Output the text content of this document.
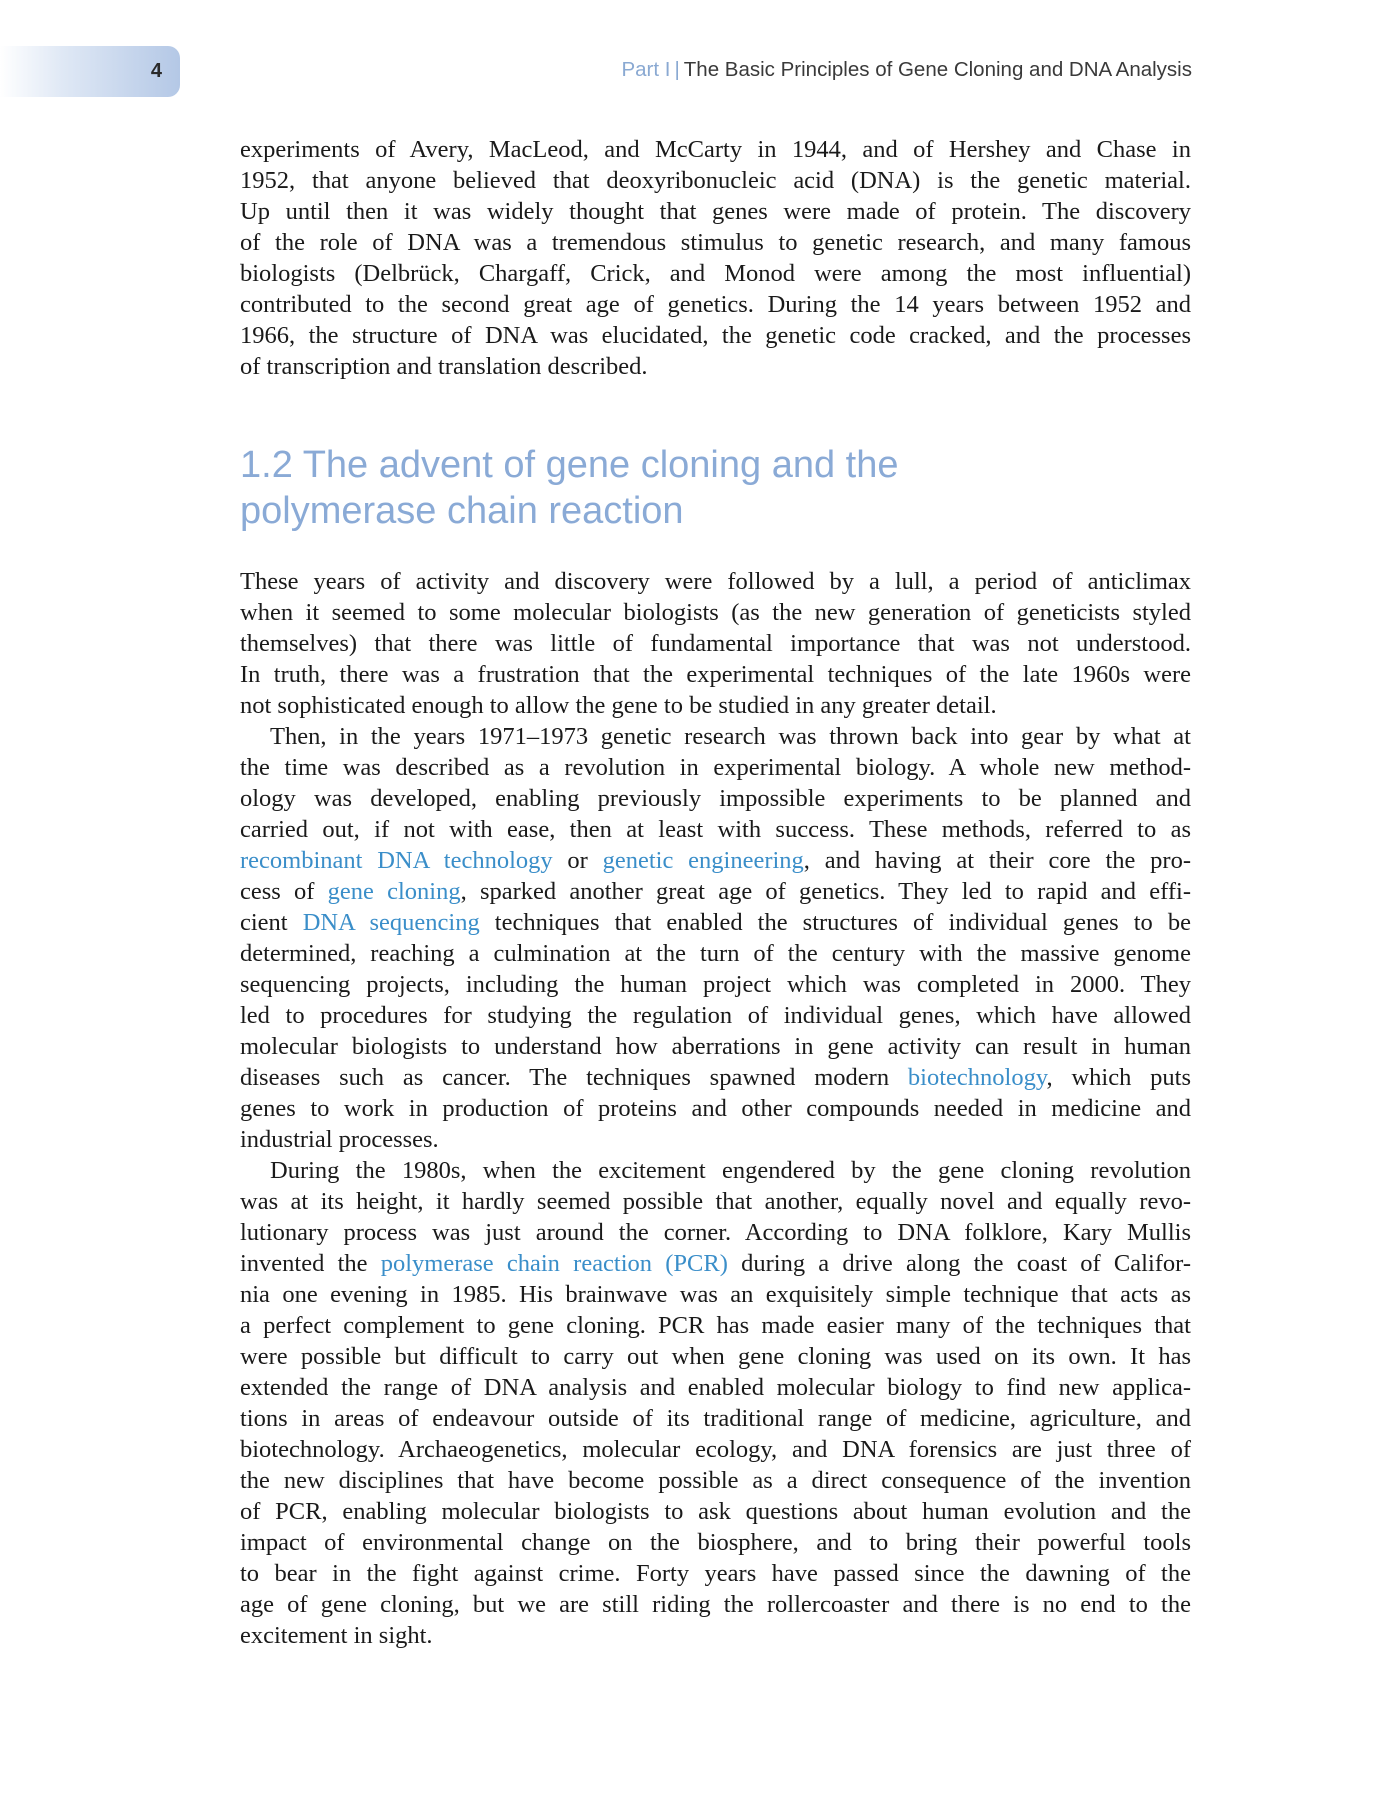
4	Part I | The Basic Principles of Gene Cloning and DNA Analysis
experiments of Avery, MacLeod, and McCarty in 1944, and of Hershey and Chase in
1952, that anyone believed that deoxyribonucleic acid (DNA) is the genetic material.
Up until then it was widely thought that genes were made of protein. The discovery
of the role of DNA was a tremendous stimulus to genetic research, and many famous
biologists (Delbrück, Chargaff, Crick, and Monod were among the most influential)
contributed to the second great age of genetics. During the 14 years between 1952 and
1966, the structure of DNA was elucidated, the genetic code cracked, and the processes
of transcription and translation described.
1.2 The advent of gene cloning and the
polymerase chain reaction
These years of activity and discovery were followed by a lull, a period of anticlimax
when it seemed to some molecular biologists (as the new generation of geneticists styled
themselves) that there was little of fundamental importance that was not understood.
In truth, there was a frustration that the experimental techniques of the late 1960s were
not sophisticated enough to allow the gene to be studied in any greater detail.
Then, in the years 1971–1973 genetic research was thrown back into gear by what at
the time was described as a revolution in experimental biology. A whole new method-
ology was developed, enabling previously impossible experiments to be planned and
carried out, if not with ease, then at least with success. These methods, referred to as
recombinant DNA technology or genetic engineering, and having at their core the pro-
cess of gene cloning, sparked another great age of genetics. They led to rapid and effi-
cient DNA sequencing techniques that enabled the structures of individual genes to be
determined, reaching a culmination at the turn of the century with the massive genome
sequencing projects, including the human project which was completed in 2000. They
led to procedures for studying the regulation of individual genes, which have allowed
molecular biologists to understand how aberrations in gene activity can result in human
diseases such as cancer. The techniques spawned modern biotechnology, which puts
genes to work in production of proteins and other compounds needed in medicine and
industrial processes.
During the 1980s, when the excitement engendered by the gene cloning revolution
was at its height, it hardly seemed possible that another, equally novel and equally revo-
lutionary process was just around the corner. According to DNA folklore, Kary Mullis
invented the polymerase chain reaction (PCR) during a drive along the coast of Califor-
nia one evening in 1985. His brainwave was an exquisitely simple technique that acts as
a perfect complement to gene cloning. PCR has made easier many of the techniques that
were possible but difficult to carry out when gene cloning was used on its own. It has
extended the range of DNA analysis and enabled molecular biology to find new applica-
tions in areas of endeavour outside of its traditional range of medicine, agriculture, and
biotechnology. Archaeogenetics, molecular ecology, and DNA forensics are just three of
the new disciplines that have become possible as a direct consequence of the invention
of PCR, enabling molecular biologists to ask questions about human evolution and the
impact of environmental change on the biosphere, and to bring their powerful tools
to bear in the fight against crime. Forty years have passed since the dawning of the
age of gene cloning, but we are still riding the rollercoaster and there is no end to the
excitement in sight.
